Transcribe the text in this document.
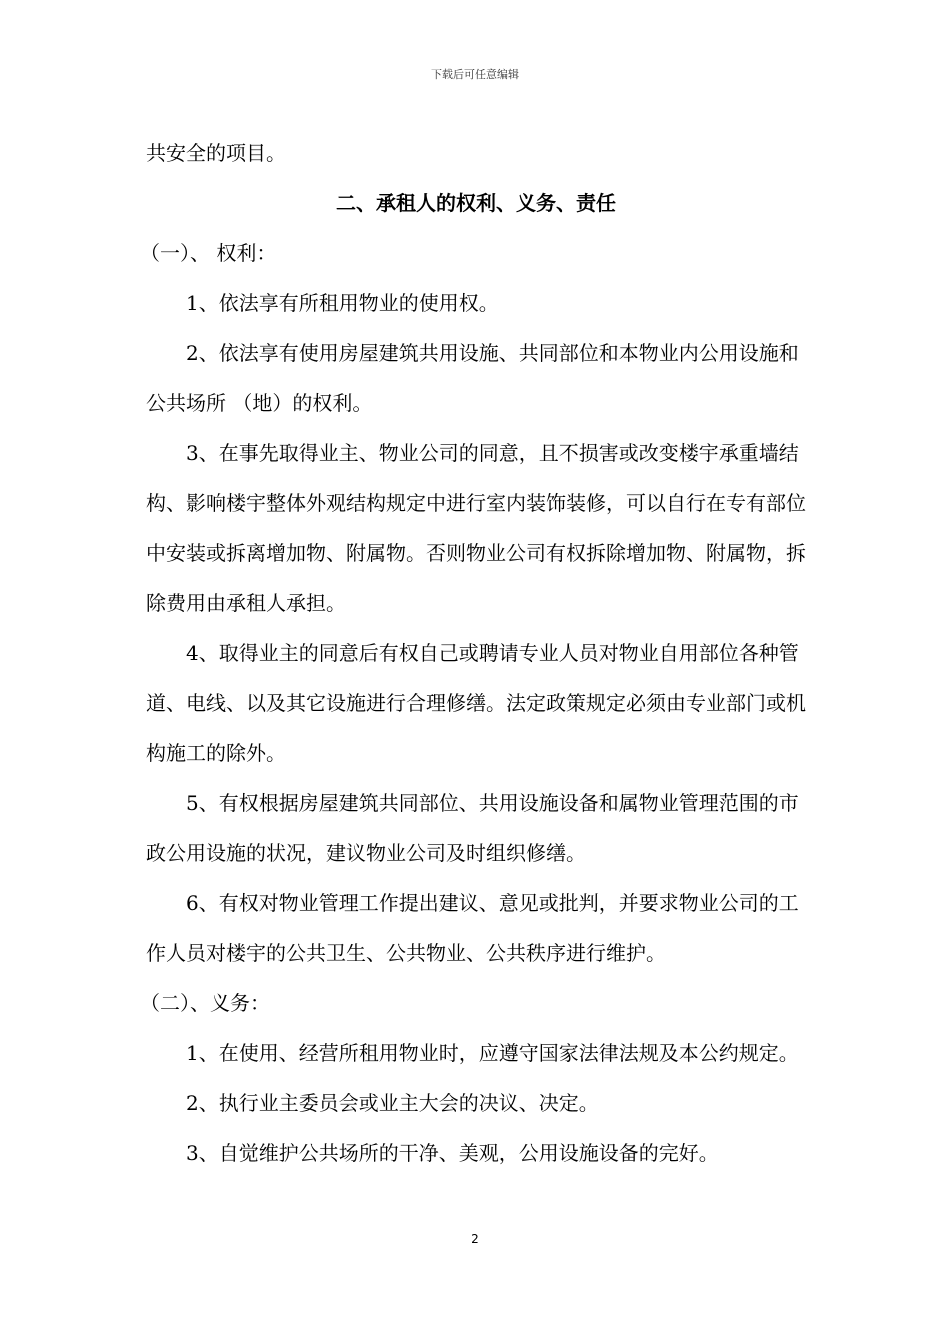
下载后可任意编辑

共安全的项目。

二、承租人的权利、义务、责任

（一）、 权利：

1、依法享有所租用物业的使用权。

2、依法享有使用房屋建筑共用设施、共同部位和本物业内公用设施和公共场所 （地）的权利。

3、在事先取得业主、物业公司的同意，且不损害或改变楼宇承重墙结构、影响楼宇整体外观结构规定中进行室内装饰装修，可以自行在专有部位中安装或拆离增加物、附属物。否则物业公司有权拆除增加物、附属物，拆除费用由承租人承担。

4、取得业主的同意后有权自己或聘请专业人员对物业自用部位各种管道、电线、以及其它设施进行合理修缮。法定政策规定必须由专业部门或机构施工的除外。

5、有权根据房屋建筑共同部位、共用设施设备和属物业管理范围的市政公用设施的状况，建议物业公司及时组织修缮。

6、有权对物业管理工作提出建议、意见或批判，并要求物业公司的工作人员对楼宇的公共卫生、公共物业、公共秩序进行维护。

（二）、义务：

1、在使用、经营所租用物业时，应遵守国家法律法规及本公约规定。

2、执行业主委员会或业主大会的决议、决定。

3、自觉维护公共场所的干净、美观，公用设施设备的完好。

2
